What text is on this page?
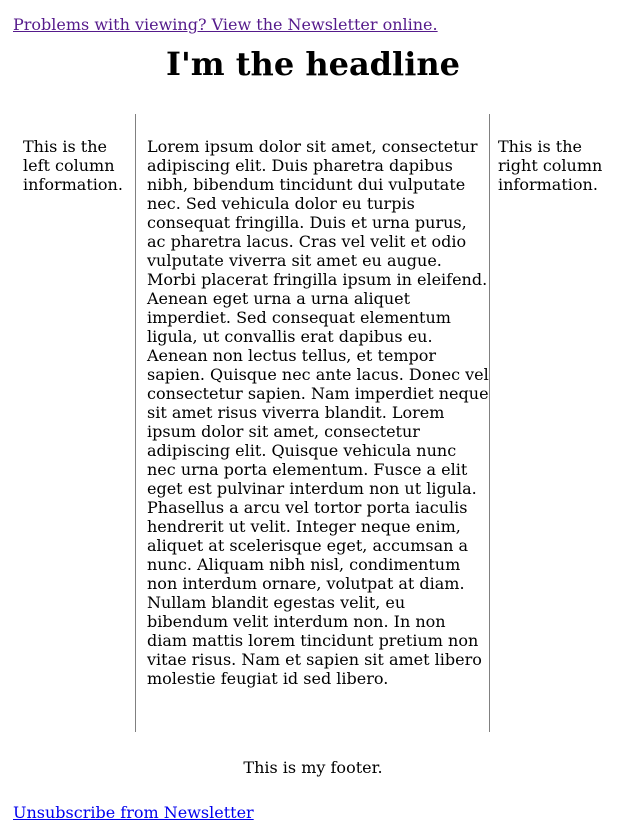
Problems with viewing? View the Newsletter online.
I'm the headline

This is the left column information.

Lorem ipsum dolor sit amet, consectetur adipiscing elit. Duis pharetra dapibus nibh, bibendum tincidunt dui vulputate nec. Sed vehicula dolor eu turpis consequat fringilla. Duis et urna purus, ac pharetra lacus. Cras vel velit et odio vulputate viverra sit amet eu augue. Morbi placerat fringilla ipsum in eleifend. Aenean eget urna a urna aliquet imperdiet. Sed consequat elementum ligula, ut convallis erat dapibus eu. Aenean non lectus tellus, et tempor sapien. Quisque nec ante lacus. Donec vel consectetur sapien. Nam imperdiet neque sit amet risus viverra blandit. Lorem ipsum dolor sit amet, consectetur adipiscing elit. Quisque vehicula nunc nec urna porta elementum. Fusce a elit eget est pulvinar interdum non ut ligula. Phasellus a arcu vel tortor porta iaculis hendrerit ut velit. Integer neque enim, aliquet at scelerisque eget, accumsan a nunc. Aliquam nibh nisl, condimentum non interdum ornare, volutpat at diam. Nullam blandit egestas velit, eu bibendum velit interdum non. In non diam mattis lorem tincidunt pretium non vitae risus. Nam et sapien sit amet libero molestie feugiat id sed libero.

This is the right column information.

This is my footer.
Unsubscribe from Newsletter
